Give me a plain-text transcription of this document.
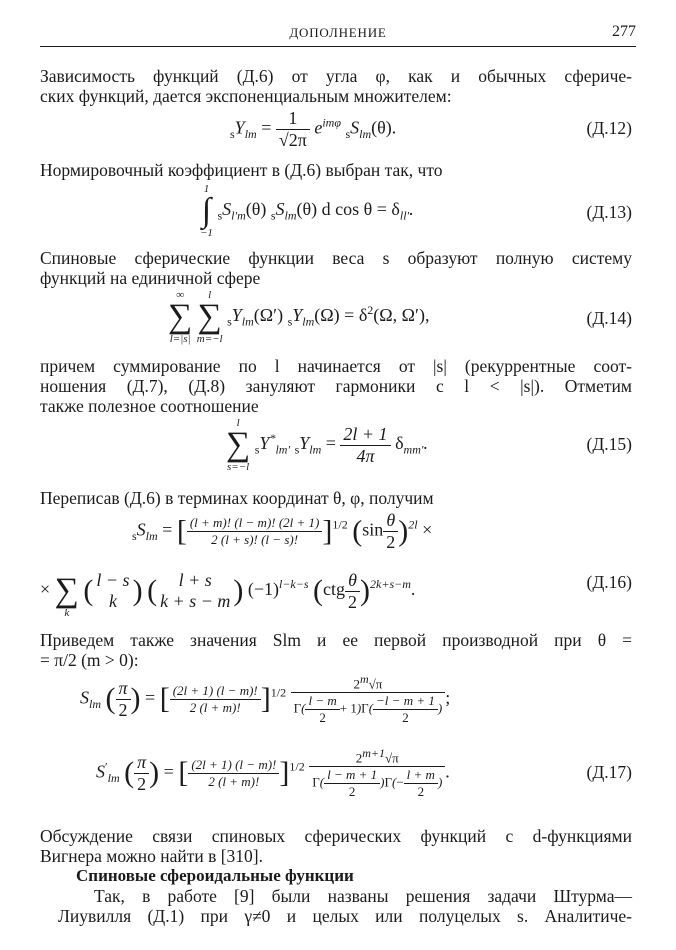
ДОПОЛНЕНИЕ	277
Зависимость функций (Д.6) от угла φ, как и обычных сфериче-
ских функций, дается экспоненциальным множителем:
$_sY_{lm} = \frac{1}{√2\pi} e^{im\varphi}$ $_sS_{lm}(\theta)$.	(Д.12)
Нормировочный коэффициент в (Д.6) выбран так, что
1
∫
−1
$_sS_{l'm}(\theta)$ $_sS_{lm}(\theta)$ d $\cos \theta = \delta_{ll'}$.	(Д.13)
Спиновые сферические функции веса s образуют полную систему
функций на единичной сфере
∞
∑
l=|s|

l
∑
m=−l
$_sY_{lm}(\Omega') _sY_{lm}(\Omega) = \delta^2(\Omega$, Ω′),	(Д.14)
причем суммирование по l начинается от |s| (рекуррентные соот-
ношения (Д.7), (Д.8) зануляют гармоники с l < |s|). Отметим
также полезное соотношение
l
∑
s=−l
$_sY^*_{lm'}$ $_sY_{lm} = \frac{2l + 1}{4\pi} \delta_{mm'}$.	(Д.15)
Переписав (Д.6) в терминах координат θ, φ, получим
$_sS_{lm}$ = [ $\frac{(l + m)! (l - m)! (2l + 1)}{2 (l + s)! (l - s)!} ]^{1/2}$ $(\sin \frac{\theta}{2} )^{2l}$ ×
×
∑
k
( l − s
k ) (	l + s
k + s − m ) $(-1)^{l-k-s}$ $(ctg \frac{\theta}{2} )^{2k+s-m}$.	(Д.16)
Приведем также значения Slm и ее первой производной при θ =
= π/2 (m > 0):
$S_{lm}$ ( $\frac{\pi}{2}$ ) = [ $\frac{(2l + 1) (l - m)!}{2 (l + m)!} ]^{1/2} \frac{2^m√\pi}{\Gamma( \frac{l - m}{2} + 1)\Gamma( \frac{-l - m + 1}{2} )}$ ;
$S'_{lm}$ ( $\frac{\pi}{2}$ ) = [ $\frac{(2l + 1) (l - m)!}{2 (l + m)!} ]^{1/2} \frac{2^{m+1}√\pi}{\Gamma( \frac{l - m + 1}{2} )\Gamma(- \frac{l + m}{2} )}$ .	(Д.17)
Обсуждение связи спиновых сферических функций с d-функциями
Вигнера можно найти в [310].
Спиновые сфероидальные функции
Так, в работе [9] были названы решения задачи Штурма—
Лиувилля (Д.1) при γ≠0 и целых или полуцелых s. Аналитиче-
